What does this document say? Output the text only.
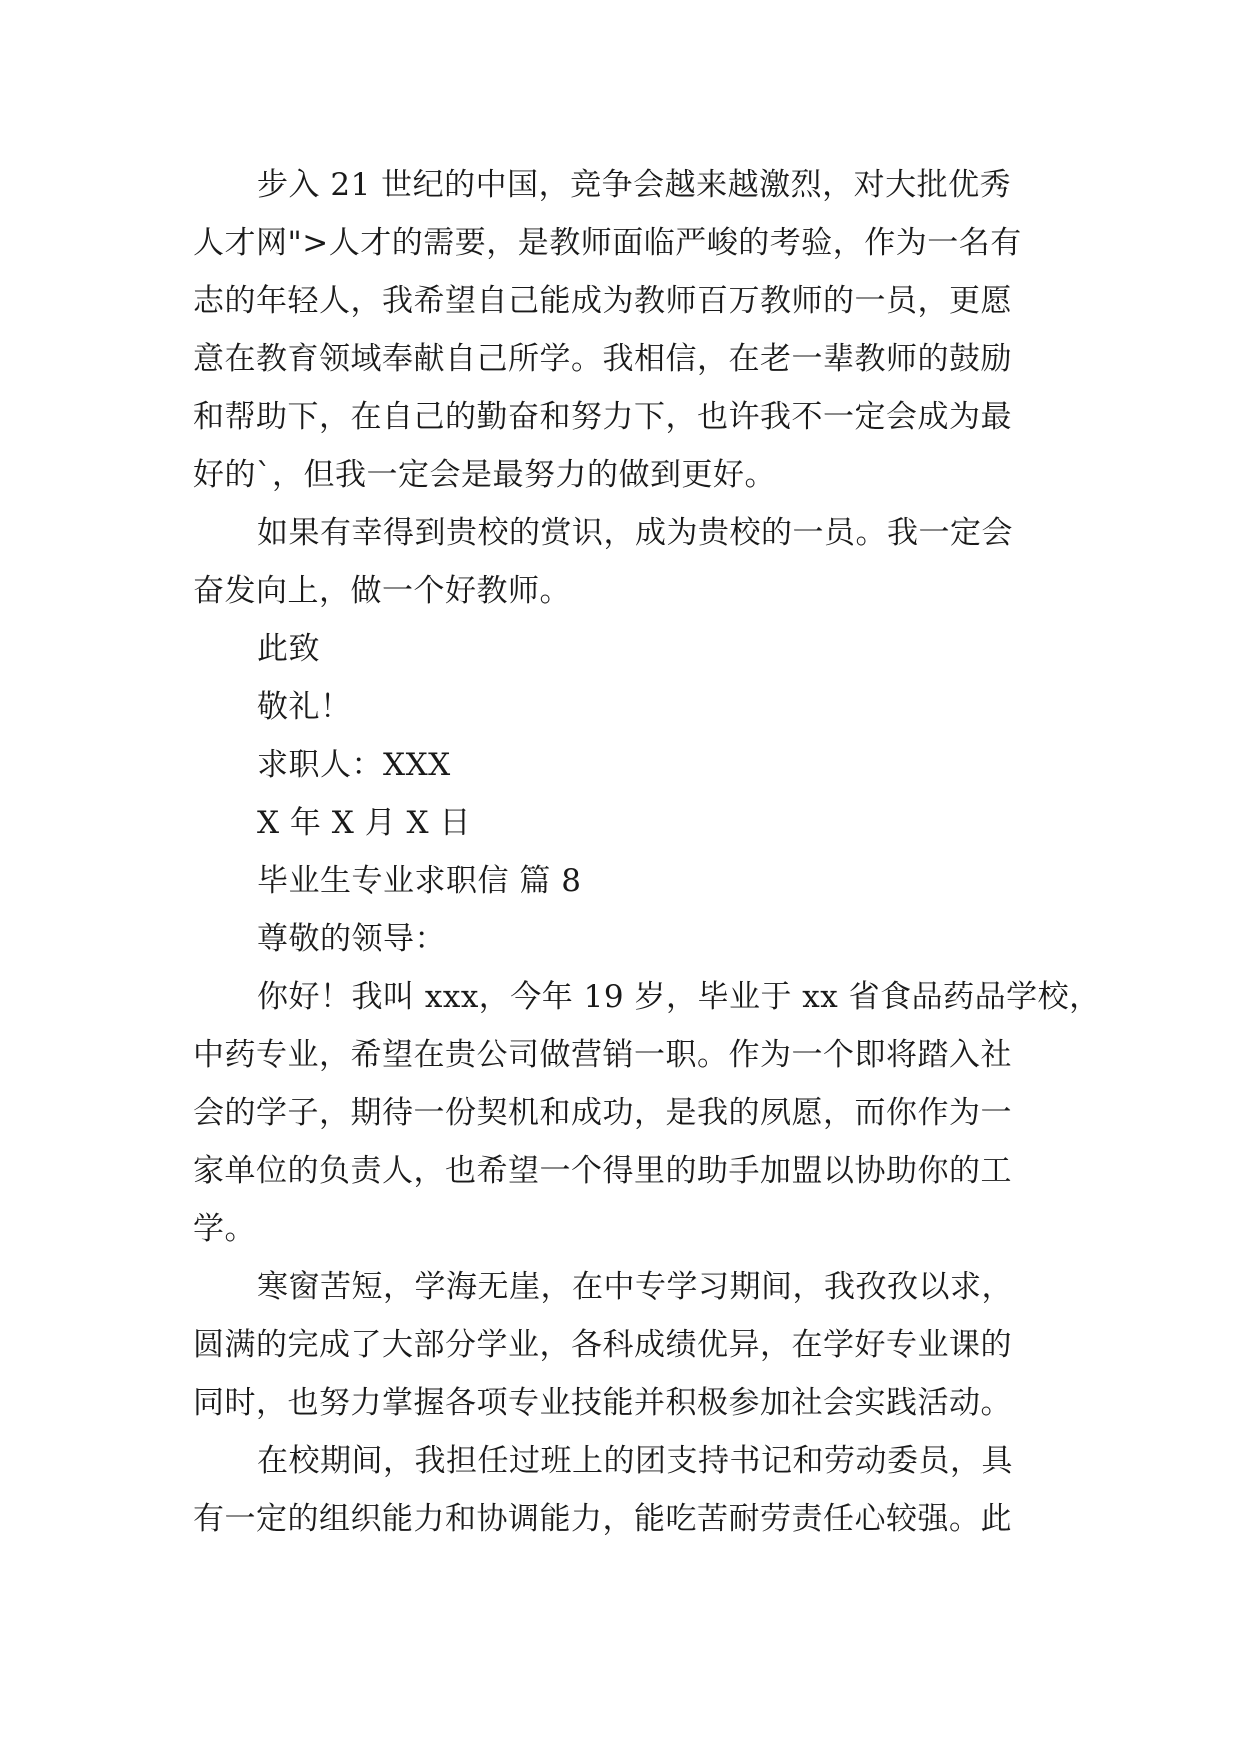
步入 21 世纪的中国，竞争会越来越激烈，对大批优秀
人才网">人才的需要，是教师面临严峻的考验，作为一名有
志的年轻人，我希望自己能成为教师百万教师的一员，更愿
意在教育领域奉献自己所学。我相信，在老一辈教师的鼓励
和帮助下，在自己的勤奋和努力下，也许我不一定会成为最
好的`，但我一定会是最努力的做到更好。
如果有幸得到贵校的赏识，成为贵校的一员。我一定会
奋发向上，做一个好教师。
此致
敬礼！
求职人：XXX
X 年 X 月 X 日
毕业生专业求职信 篇 8
尊敬的领导：
你好！我叫 xxx，今年 19 岁，毕业于 xx 省食品药品学校，
中药专业，希望在贵公司做营销一职。作为一个即将踏入社
会的学子，期待一份契机和成功，是我的夙愿，而你作为一
家单位的负责人，也希望一个得里的助手加盟以协助你的工
学。
寒窗苦短，学海无崖，在中专学习期间，我孜孜以求，
圆满的完成了大部分学业，各科成绩优异，在学好专业课的
同时，也努力掌握各项专业技能并积极参加社会实践活动。
在校期间，我担任过班上的团支持书记和劳动委员，具
有一定的组织能力和协调能力，能吃苦耐劳责任心较强。此
